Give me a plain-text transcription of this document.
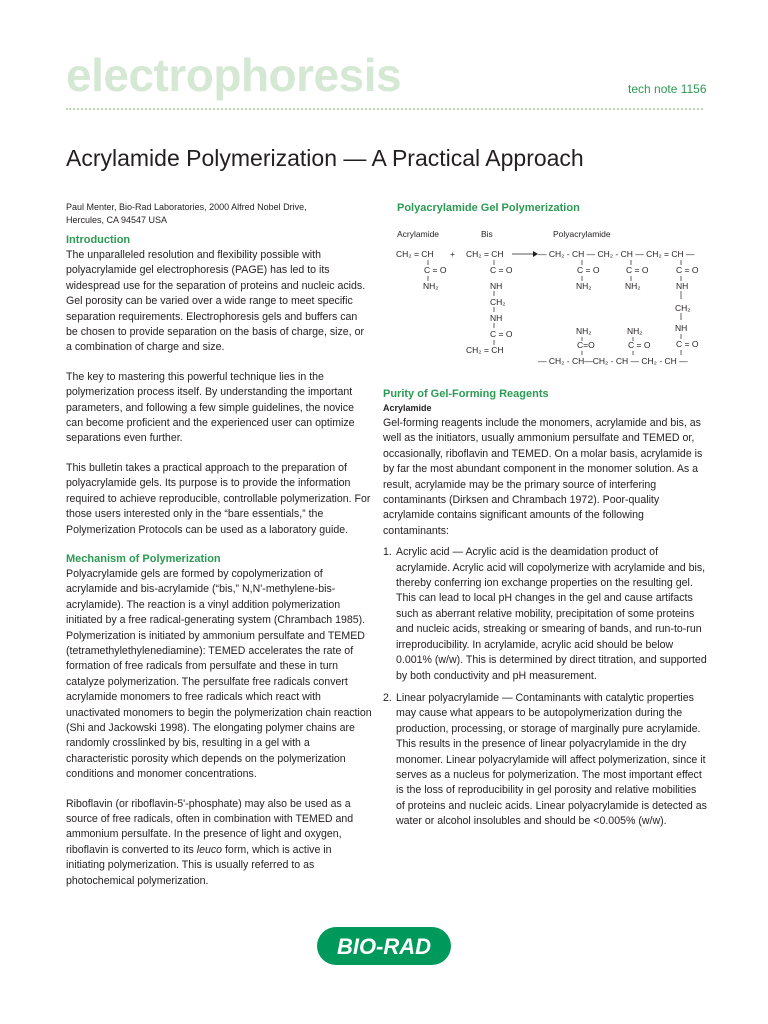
electrophoresis	tech note 1156
Acrylamide Polymerization — A Practical Approach
Paul Menter, Bio-Rad Laboratories, 2000 Alfred Nobel Drive,
Hercules, CA 94547 USA
Introduction

The unparalleled resolution and flexibility possible with polyacrylamide gel electrophoresis (PAGE) has led to its widespread use for the separation of proteins and nucleic acids. Gel porosity can be varied over a wide range to meet specific separation requirements. Electrophoresis gels and buffers can be chosen to provide separation on the basis of charge, size, or a combination of charge and size.

The key to mastering this powerful technique lies in the polymerization process itself. By understanding the important parameters, and following a few simple guidelines, the novice can become proficient and the experienced user can optimize separations even further.

This bulletin takes a practical approach to the preparation of polyacrylamide gels. Its purpose is to provide the information required to achieve reproducible, controllable polymerization. For those users interested only in the “bare essentials,” the Polymerization Protocols can be used as a laboratory guide.

Mechanism of Polymerization

Polyacrylamide gels are formed by copolymerization of acrylamide and bis-acrylamide (“bis,” N,N'-methylene-bis-acrylamide). The reaction is a vinyl addition polymerization initiated by a free radical-generating system (Chrambach 1985). Polymerization is initiated by ammonium persulfate and TEMED (tetramethylethylenediamine): TEMED accelerates the rate of formation of free radicals from persulfate and these in turn catalyze polymerization. The persulfate free radicals convert acrylamide monomers to free radicals which react with unactivated monomers to begin the polymerization chain reaction (Shi and Jackowski 1998). The elongating polymer chains are randomly crosslinked by bis, resulting in a gel with a characteristic porosity which depends on the polymerization conditions and monomer concentrations.

Riboflavin (or riboflavin-5'-phosphate) may also be used as a source of free radicals, often in combination with TEMED and ammonium persulfate. In the presence of light and oxygen, riboflavin is converted to its leuco form, which is active in initiating polymerization. This is usually referred to as photochemical polymerization.

Polyacrylamide Gel Polymerization
Acrylamide	Bis	Polyacrylamide
CH₂ = CH
C = O
NH₂
+ CH₂ = CH
C = O
NH
CH₂
NH
C = O
CH₂ = CH
— CH₂ - CH — CH₂ - CH — CH₂ = CH —
C = O	C = O	C = O
NH₂	NH₂	NH
CH₂
NH
NH₂	NH₂
C=O	C = O	C = O
— CH₂ - CH—CH₂ - CH — CH₂ - CH —
Purity of Gel-Forming Reagents
Acrylamide

Gel-forming reagents include the monomers, acrylamide and bis, as well as the initiators, usually ammonium persulfate and TEMED or, occasionally, riboflavin and TEMED. On a molar basis, acrylamide is by far the most abundant component in the monomer solution. As a result, acrylamide may be the primary source of interfering contaminants (Dirksen and Chrambach 1972). Poor-quality acrylamide contains significant amounts of the following contaminants:

1. Acrylic acid — Acrylic acid is the deamidation product of acrylamide. Acrylic acid will copolymerize with acrylamide and bis, thereby conferring ion exchange properties on the resulting gel. This can lead to local pH changes in the gel and cause artifacts such as aberrant relative mobility, precipitation of some proteins and nucleic acids, streaking or smearing of bands, and run-to-run irreproducibility. In acrylamide, acrylic acid should be below 0.001% (w/w). This is determined by direct titration, and supported by both conductivity and pH measurement.
2. Linear polyacrylamide — Contaminants with catalytic properties may cause what appears to be autopolymerization during the production, processing, or storage of marginally pure acrylamide. This results in the presence of linear polyacrylamide in the dry monomer. Linear polyacrylamide will affect polymerization, since it serves as a nucleus for polymerization. The most important effect is the loss of reproducibility in gel porosity and relative mobilities of proteins and nucleic acids. Linear polyacrylamide is detected as water or alcohol insolubles and should be <0.005% (w/w).
BIO-RAD
